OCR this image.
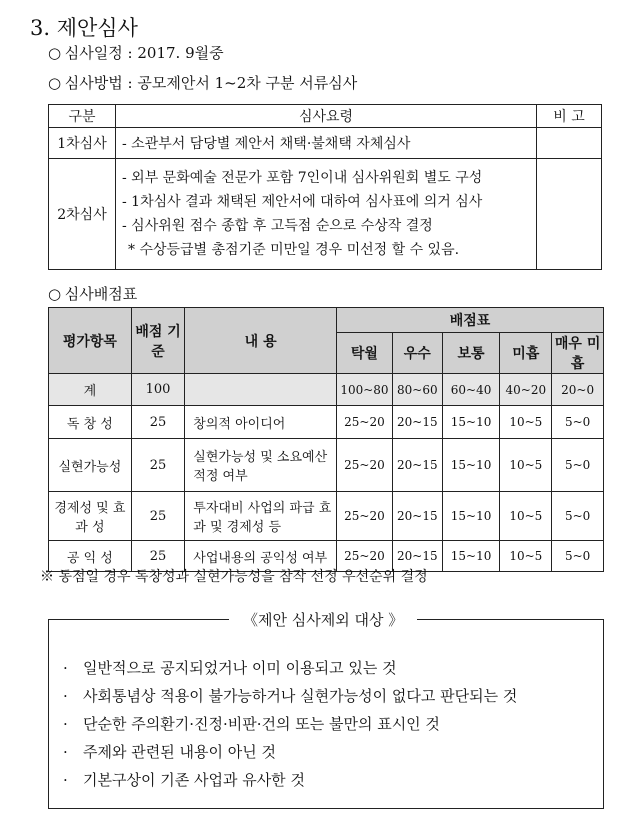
3. 제안심사
○ 심사일정 : 2017. 9월중
○ 심사방법 : 공모제안서 1~2차 구분 서류심사
구분	심사요령	비 고
1차심사	- 소관부서 담당별 제안서 채택·불채택 자체심사	

2차심사	- 외부 문화예술 전문가 포함 7인이내 심사위원회 별도 구성
- 1차심사 결과 채택된 제안서에 대하여 심사표에 의거 심사
- 심사위원 점수 종합 후 고득점 순으로 수상작 결정
* 수상등급별 총점기준 미만일 경우 미선정 할 수 있음.	

○ 심사배점표
평가항목	배점 기준	내 용	배점표				
			탁월	우수	보통	미흡	매우 미흡
계	100		100~80	80~60	60~40	40~20	20~0
독 창 성	25	창의적 아이디어	25~20	20~15	15~10	10~5	5~0
실현가능성	25	실현가능성 및 소요예산 적정 여부	25~20	20~15	15~10	10~5	5~0
경제성 및 효 과 성	25	투자대비 사업의 파급 효과 및 경제성 등	25~20	20~15	15~10	10~5	5~0
공 익 성	25	사업내용의 공익성 여부	25~20	20~15	15~10	10~5	5~0
※ 동점일 경우 독창성과 실현가능성을 참작 선정 우선순위 결정
《제안 심사제외 대상 》
· 일반적으로 공지되었거나 이미 이용되고 있는 것
· 사회통념상 적용이 불가능하거나 실현가능성이 없다고 판단되는 것
· 단순한 주의환기·진정·비판·건의 또는 불만의 표시인 것
· 주제와 관련된 내용이 아닌 것
· 기본구상이 기존 사업과 유사한 것
